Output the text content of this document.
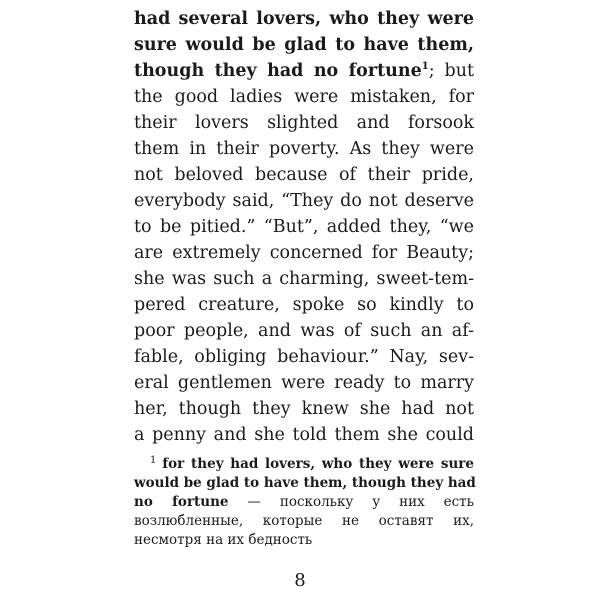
had several lovers, who they were
sure would be glad to have them,
though they had no fortune$^1$; but
the good ladies were mistaken, for
their lovers slighted and forsook
them in their poverty. As they were
not beloved because of their pride,
everybody said, “They do not deserve
to be pitied.” “But”, added they, “we
are extremely concerned for Beauty;
she was such a charming, sweet-tem-
pered creature, spoke so kindly to
poor people, and was of such an af-
fable, obliging behaviour.” Nay, sev-
eral gentlemen were ready to marry
her, though they knew she had not
a penny and she told them she could
$^1$ for they had lovers, who they were sure
would be glad to have them, though they had
no fortune — поскольку у них есть
возлюбленные, которые не оставят их,
несмотря на их бедность
8
